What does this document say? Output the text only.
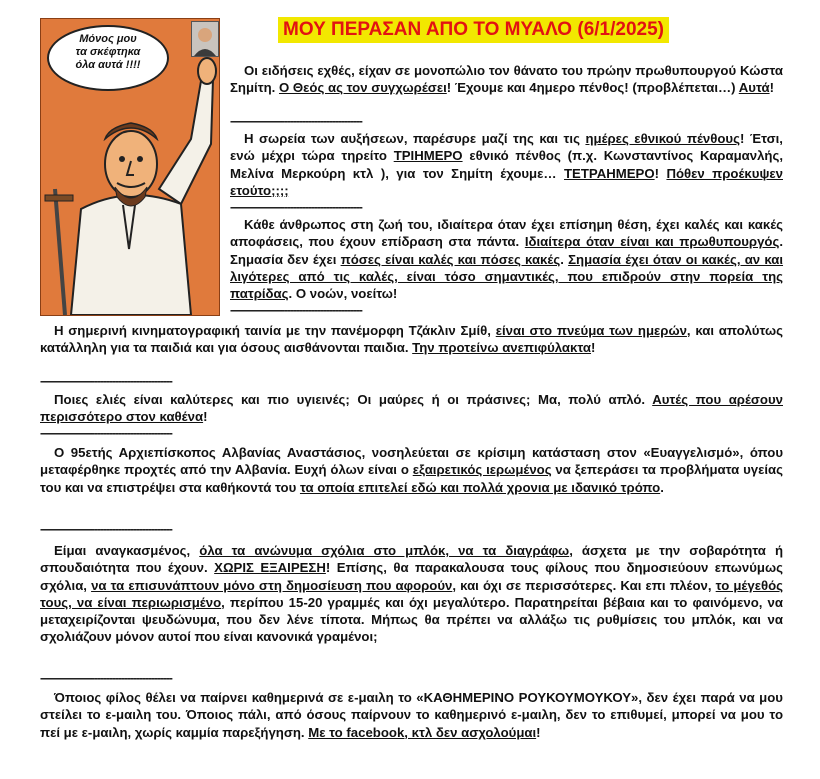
Μόνος μου
τα σκέφτηκα
όλα αυτά !!!!
ΜΟΥ ΠΕΡΑΣΑΝ ΑΠΟ ΤΟ ΜΥΑΛΟ (6/1/2025)

Οι ειδήσεις εχθές, είχαν σε μονοπώλιο τον θάνατο του πρώην πρωθυπουργού Κώστα Σημίτη. Ο Θεός ας τον συγχωρέσει! Έχουμε και 4ημερο πένθος! (προβλέπεται…) Αυτά!

--------------------------------------------

Η σωρεία των αυξήσεων, παρέσυρε μαζί της και τις ημέρες εθνικού πένθους! Έτσι, ενώ μέχρι τώρα τηρείτο ΤΡΙΗΜΕΡΟ εθνικό πένθος (π.χ. Κωνσταντίνος Καραμανλής, Μελίνα Μερκούρη κτλ ), για τον Σημίτη έχουμε… ΤΕΤΡΑΗΜΕΡΟ! Πόθεν προέκυψεν ετούτο;;;;

--------------------------------------------

Κάθε άνθρωπος στη ζωή του, ιδιαίτερα όταν έχει επίσημη θέση, έχει καλές και κακές αποφάσεις, που έχουν επίδραση στα πάντα. Ιδιαίτερα όταν είναι και πρωθυπουργός. Σημασία δεν έχει πόσες είναι καλές και πόσες κακές. Σημασία έχει όταν οι κακές, αν και λιγότερες από τις καλές, είναι τόσο σημαντικές, που επιδρούν στην πορεία της πατρίδας. Ο νοών, νοείτω!

--------------------------------------------

Η σημερινή κινηματογραφική ταινία με την πανέμορφη Τζάκλιν Σμίθ, είναι στο πνεύμα των ημερών, και απολύτως κατάλληλη για τα παιδιά και για όσους αισθάνονται παιδια. Την προτείνω ανεπιφύλακτα!

--------------------------------------------

Ποιες ελιές είναι καλύτερες και πιο υγιεινές; Οι μαύρες ή οι πράσινες; Μα, πολύ απλό. Αυτές που αρέσουν περισσότερο στον καθένα!

--------------------------------------------

Ο 95ετής Αρχιεπίσκοπος Αλβανίας Αναστάσιος, νοσηλεύεται σε κρίσιμη κατάσταση στον «Ευαγγελισμό», όπου μεταφέρθηκε προχτές από την Αλβανία. Ευχή όλων είναι ο εξαιρετικός ιερωμένος να ξεπεράσει τα προβλήματα υγείας του και να επιστρέψει στα καθήκοντά του τα οποία επιτελεί εδώ και πολλά χρονια με ιδανικό τρόπο.

--------------------------------------------

Είμαι αναγκασμένος, όλα τα ανώνυμα σχόλια στο μπλόκ, να τα διαγράφω, άσχετα με την σοβαρότητα ή σπουδαιότητα που έχουν. ΧΩΡΙΣ ΕΞΑΙΡΕΣΗ! Επίσης, θα παρακαλουσα τους φίλους που δημοσιεύουν επωνύμως σχόλια, να τα επισυνάπτουν μόνο στη δημοσίευση που αφορούν, και όχι σε περισσότερες. Και επι πλέον, το μέγεθός τους, να είναι περιωρισμένο, περίπου 15-20 γραμμές και όχι μεγαλύτερο. Παρατηρείται βέβαια και το φαινόμενο, να μεταχειρίζονται ψευδώνυμα, που δεν λένε τίποτα. Μήπως θα πρέπει να αλλάξω τις ρυθμίσεις του μπλόκ, και να σχολιάζουν μόνον αυτοί που είναι κανονικά γραμένοι;

--------------------------------------------

Όποιος φίλος θέλει να παίρνει καθημερινά σε ε-μαιλη το «ΚΑΘΗΜΕΡΙΝΟ ΡΟΥΚΟΥΜΟΥΚΟΥ», δεν έχει παρά να μου στείλει το ε-μαιλη του. Όποιος πάλι, από όσους παίρνουν το καθημερινό ε-μαιλη, δεν το επιθυμεί, μπορεί να μου το πεί με ε-μαιλη, χωρίς καμμία παρεξήγηση. Με το facebook, κτλ δεν ασχολούμαι!
